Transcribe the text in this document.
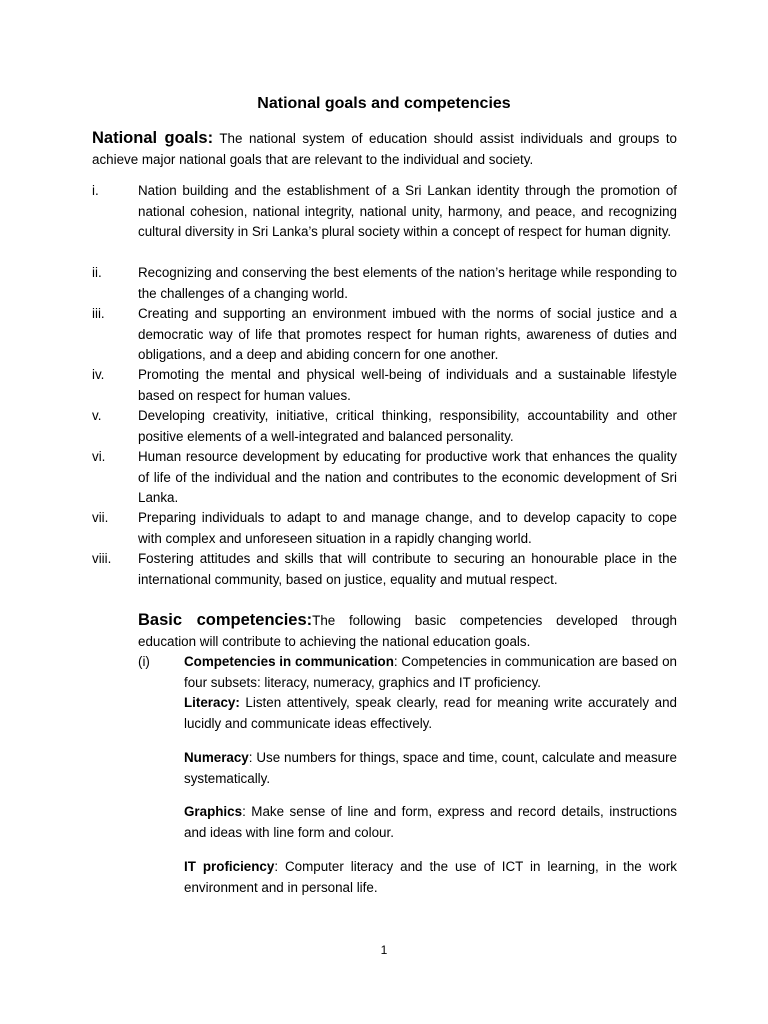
National goals and competencies
National goals: The national system of education should assist individuals and groups to achieve major national goals that are relevant to the individual and society.
i.	Nation building and the establishment of a Sri Lankan identity through the promotion of national cohesion, national integrity, national unity, harmony, and peace, and recognizing cultural diversity in Sri Lanka’s plural society within a concept of respect for human dignity.
ii.	Recognizing and conserving the best elements of the nation’s heritage while responding to the challenges of a changing world.
iii. Creating and supporting an environment imbued with the norms of social justice and a democratic way of life that promotes respect for human rights, awareness of duties and obligations, and a deep and abiding concern for one another.
iv.	Promoting the mental and physical well-being of individuals and a sustainable lifestyle based on respect for human values.
v.	Developing creativity, initiative, critical thinking, responsibility, accountability and other positive elements of a well-integrated and balanced personality.
vi. Human resource development by educating for productive work that enhances the quality of life of the individual and the nation and contributes to the economic development of Sri Lanka.
vii. Preparing individuals to adapt to and manage change, and to develop capacity to cope with complex and unforeseen situation in a rapidly changing world.
viii. Fostering attitudes and skills that will contribute to securing an honourable place in the international community, based on justice, equality and mutual respect.
Basic competencies:The following basic competencies developed through education will contribute to achieving the national education goals.
(i)	Competencies in communication: Competencies in communication are based on four subsets: literacy, numeracy, graphics and IT proficiency.
Literacy: Listen attentively, speak clearly, read for meaning write accurately and lucidly and communicate ideas effectively.
Numeracy: Use numbers for things, space and time, count, calculate and measure systematically.
Graphics: Make sense of line and form, express and record details, instructions and ideas with line form and colour.
IT proficiency: Computer literacy and the use of ICT in learning, in the work environment and in personal life.
1
